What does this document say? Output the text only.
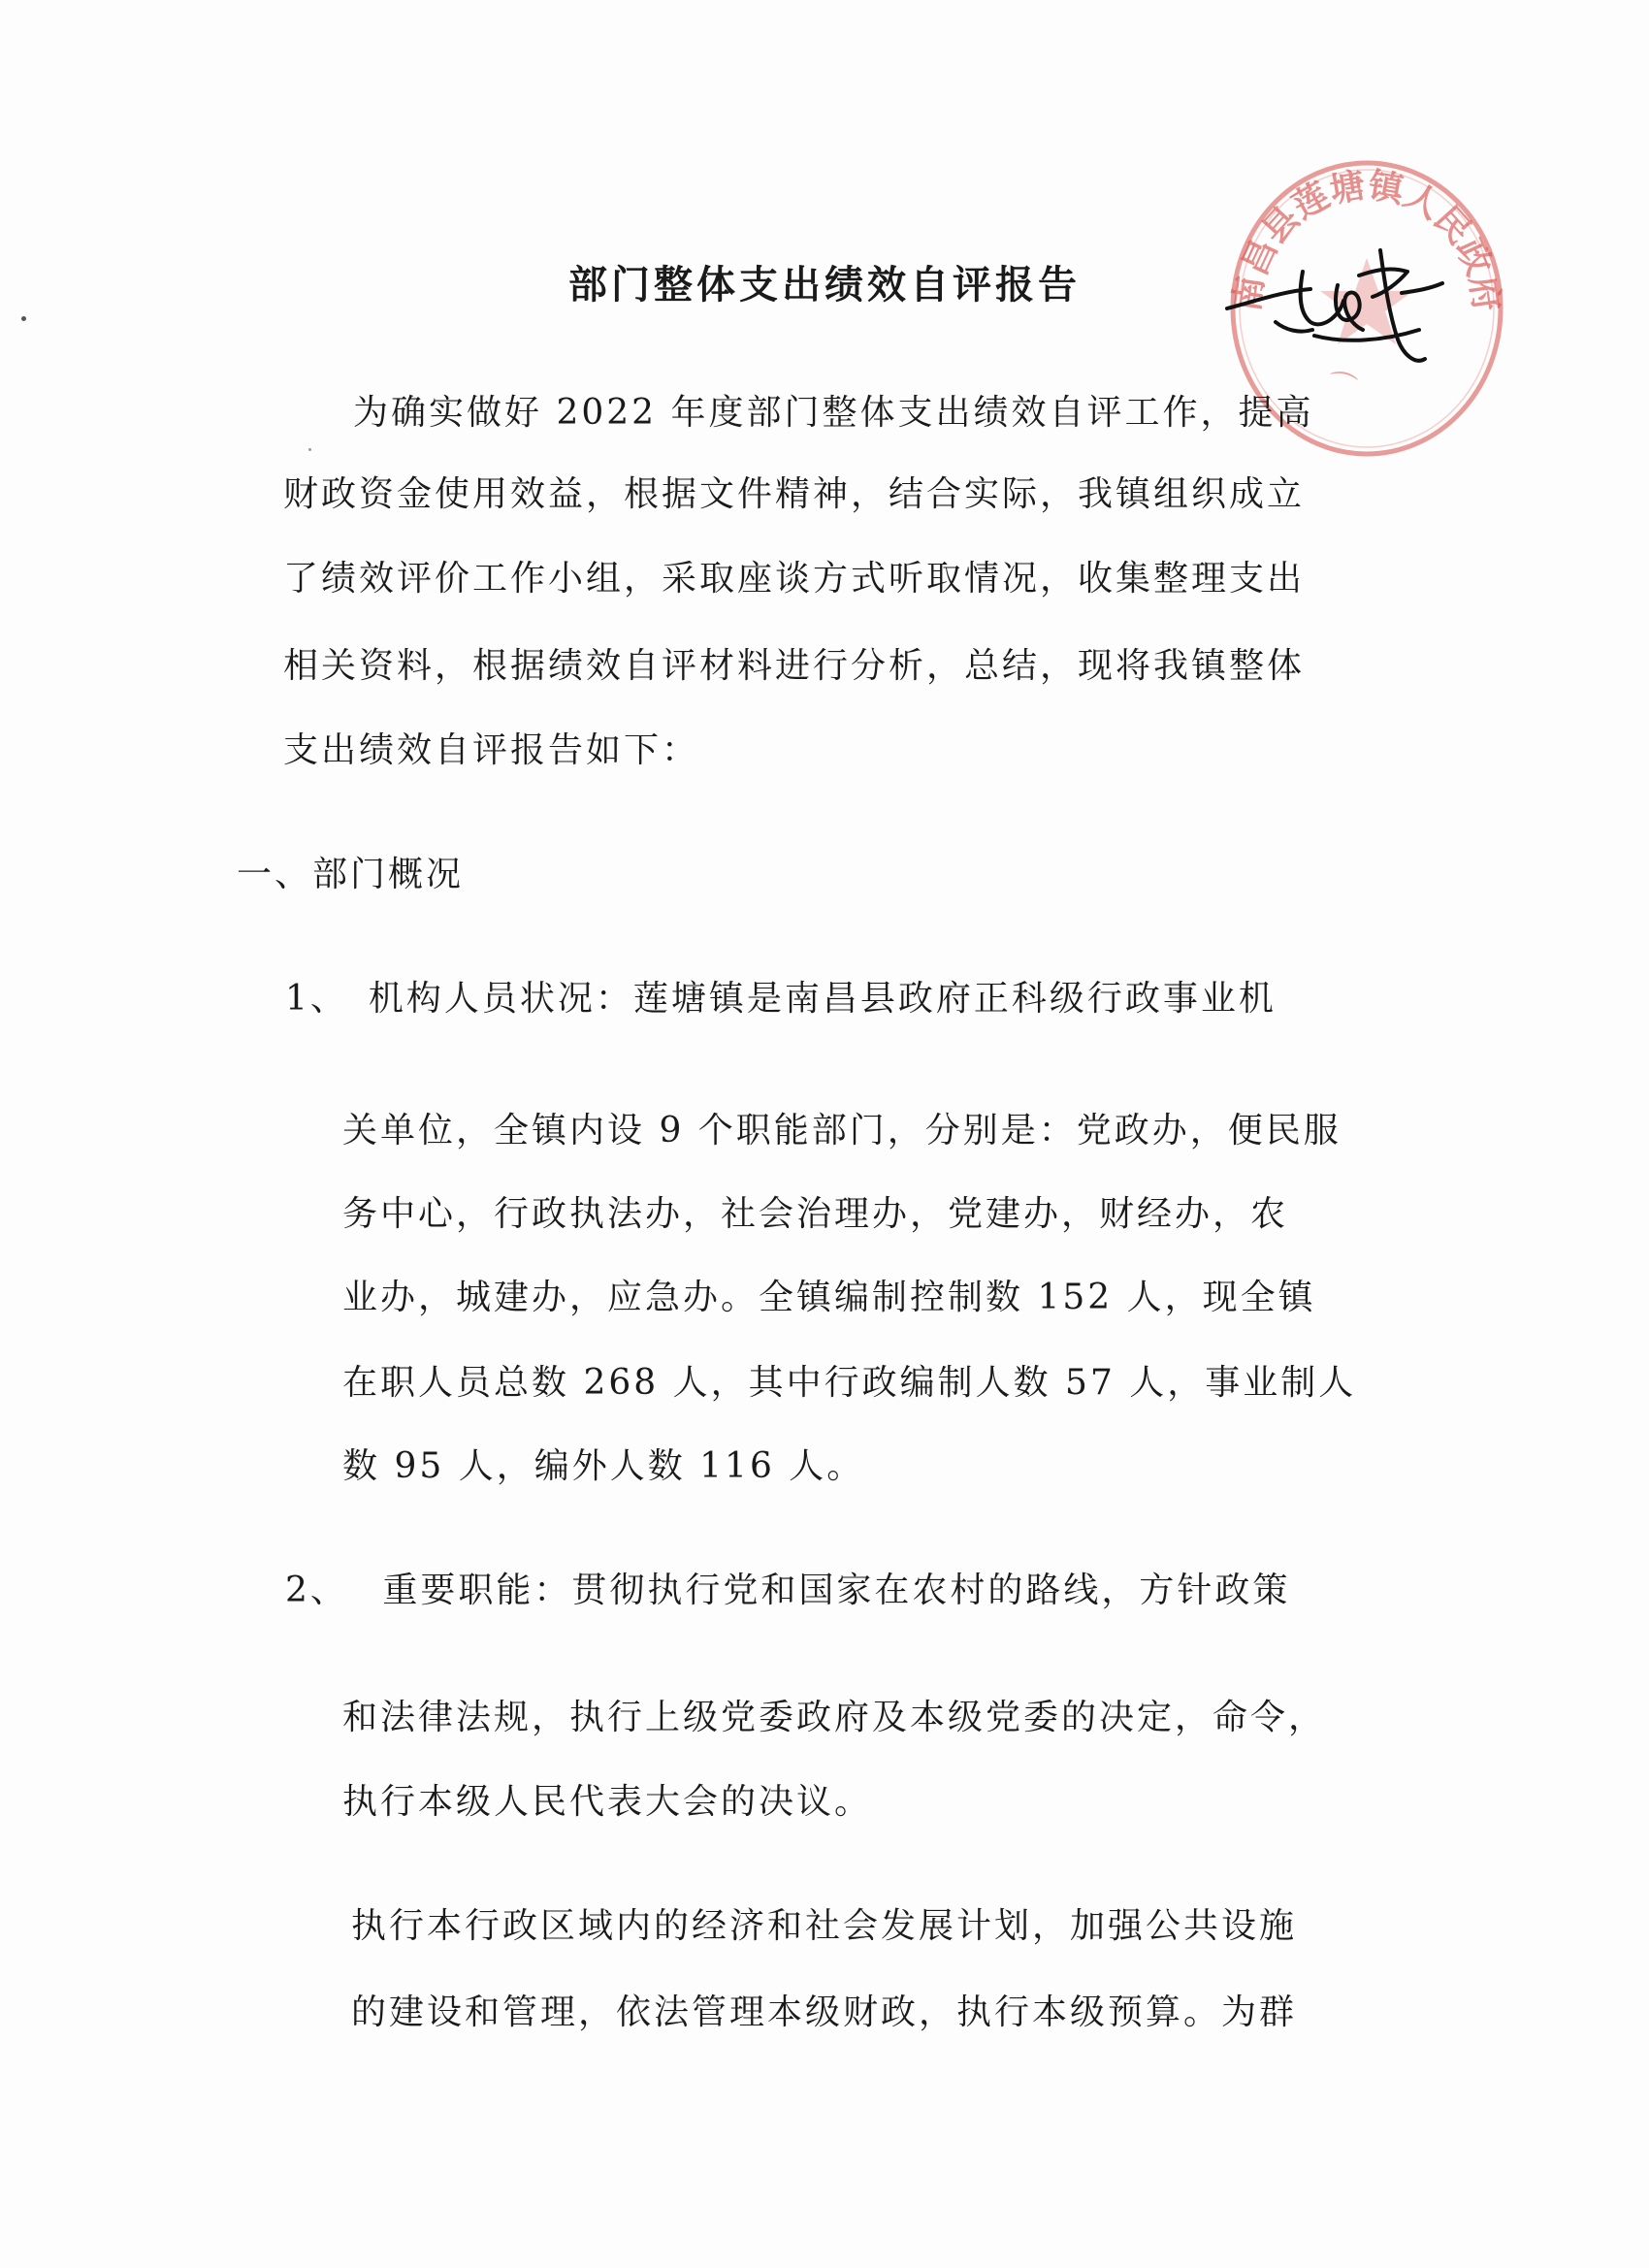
南昌县莲塘镇人民政府
⌒
部门整体支出绩效自评报告
为确实做好 2022 年度部门整体支出绩效自评工作，提高
财政资金使用效益，根据文件精神，结合实际，我镇组织成立
了绩效评价工作小组，采取座谈方式听取情况，收集整理支出
相关资料，根据绩效自评材料进行分析，总结，现将我镇整体
支出绩效自评报告如下：
一、部门概况
1、　机构人员状况：莲塘镇是南昌县政府正科级行政事业机
关单位，全镇内设 9 个职能部门，分别是：党政办，便民服
务中心，行政执法办，社会治理办，党建办，财经办，农
业办，城建办，应急办。全镇编制控制数 152 人，现全镇
在职人员总数 268 人，其中行政编制人数 57 人，事业制人
数 95 人，编外人数 116 人。
2、　 重要职能：贯彻执行党和国家在农村的路线，方针政策
和法律法规，执行上级党委政府及本级党委的决定，命令，
执行本级人民代表大会的决议。
执行本行政区域内的经济和社会发展计划，加强公共设施
的建设和管理，依法管理本级财政，执行本级预算。为群
